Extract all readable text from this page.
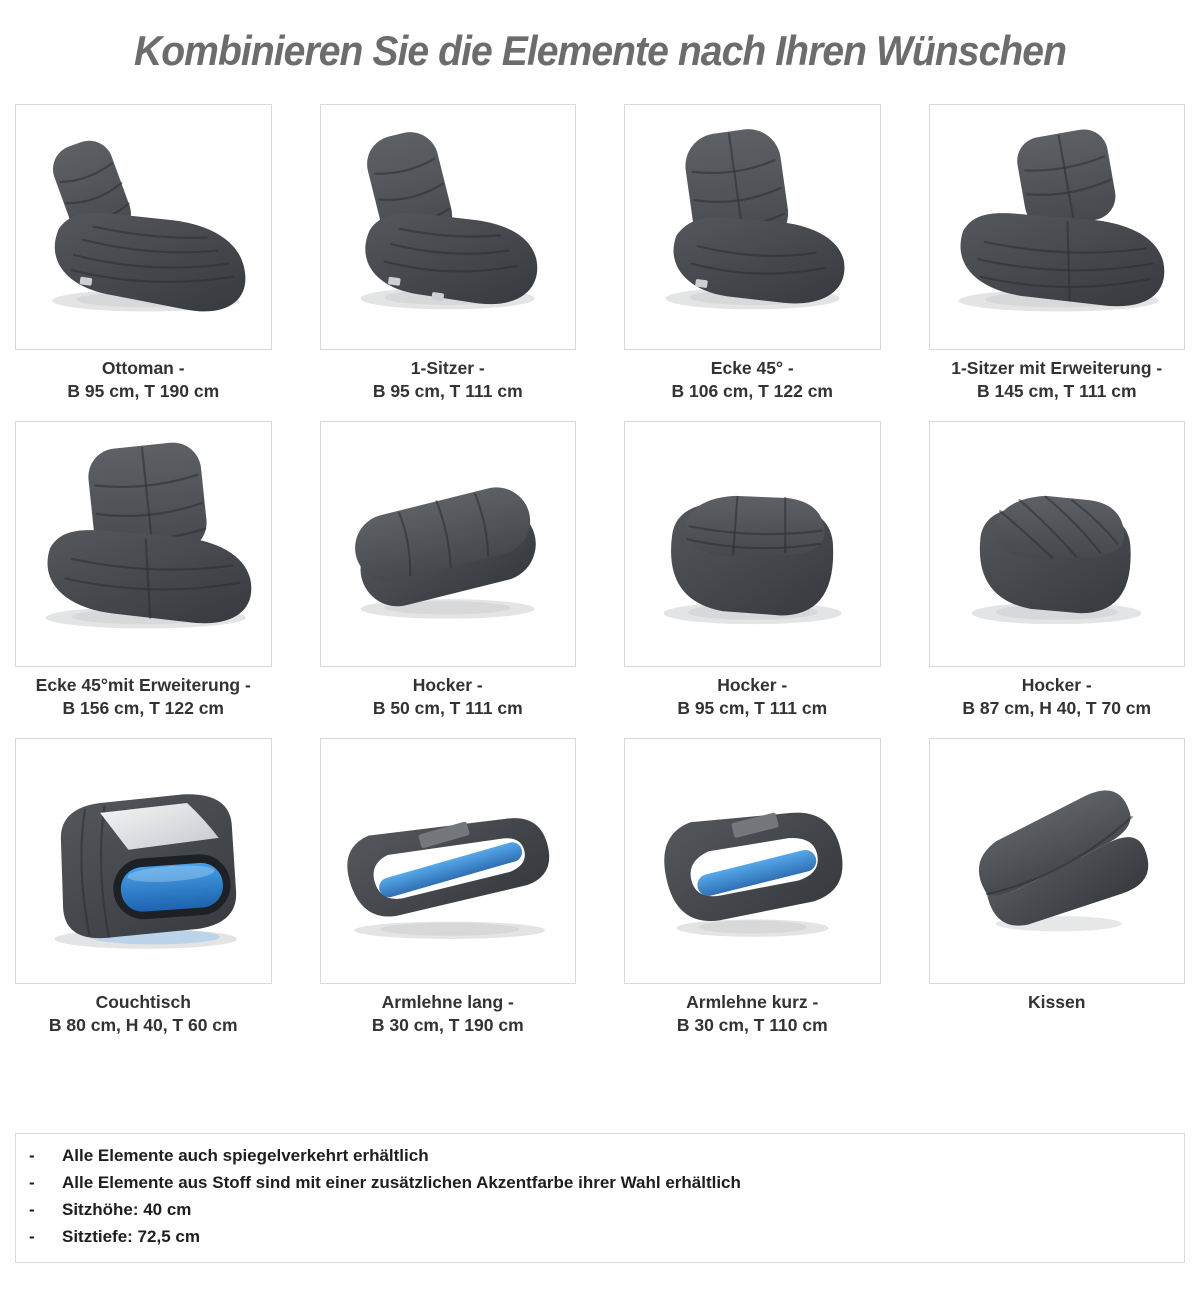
Kombinieren Sie die Elemente nach Ihren Wünschen
Ottoman -
B 95 cm, T 190 cm
1-Sitzer -
B 95 cm, T 111 cm
Ecke 45° -
B 106 cm, T 122 cm
1-Sitzer mit Erweiterung -
B 145 cm, T 111 cm
Ecke 45°mit Erweiterung -
B 156 cm, T 122 cm
Hocker -
B 50 cm, T 111 cm
Hocker -
B 95 cm, T 111 cm
Hocker -
B 87 cm, H 40, T 70 cm
Couchtisch
B 80 cm, H 40, T 60 cm
Armlehne lang -
B 30 cm, T 190 cm
Armlehne kurz -
B 30 cm, T 110 cm
Kissen
-	Alle Elemente auch spiegelverkehrt erhältlich
-	Alle Elemente aus Stoff sind mit einer zusätzlichen Akzentfarbe ihrer Wahl erhältlich
-	Sitzhöhe: 40 cm
-	Sitztiefe: 72,5 cm
